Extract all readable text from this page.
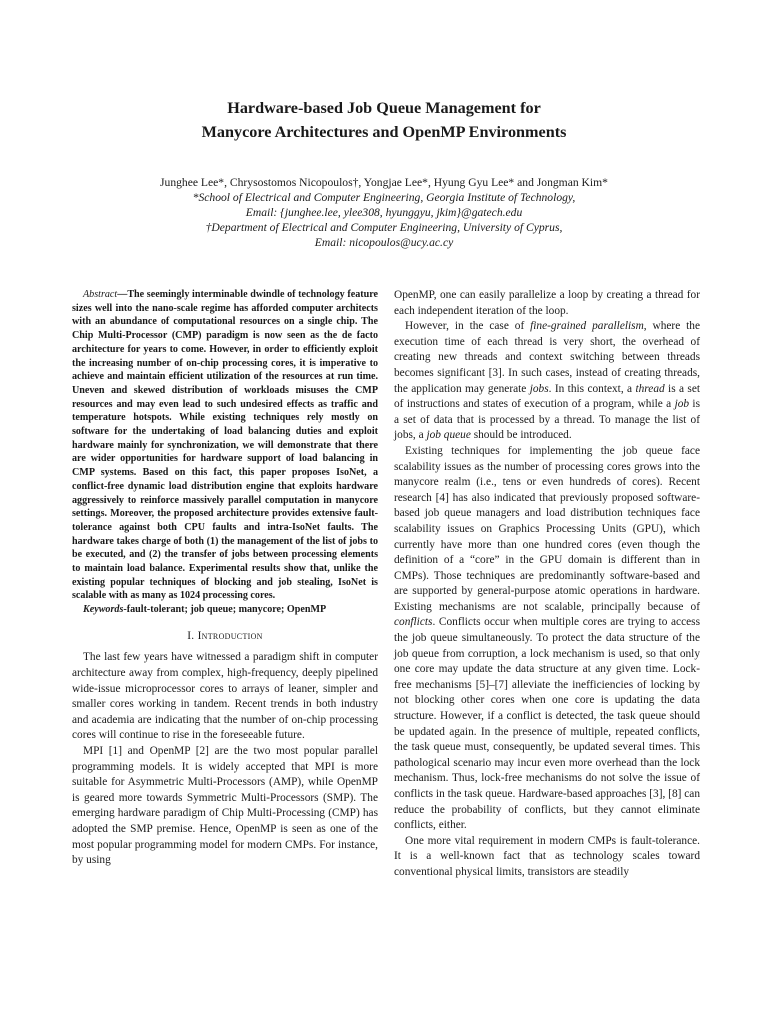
Hardware-based Job Queue Management for
Manycore Architectures and OpenMP Environments
Junghee Lee*, Chrysostomos Nicopoulos†, Yongjae Lee*, Hyung Gyu Lee* and Jongman Kim*
*School of Electrical and Computer Engineering, Georgia Institute of Technology,
Email: {junghee.lee, ylee308, hyunggyu, jkim}@gatech.edu
†Department of Electrical and Computer Engineering, University of Cyprus,
Email: nicopoulos@ucy.ac.cy

Abstract—The seemingly interminable dwindle of technology feature sizes well into the nano-scale regime has afforded computer architects with an abundance of computational resources on a single chip. The Chip Multi-Processor (CMP) paradigm is now seen as the de facto architecture for years to come. However, in order to efficiently exploit the increasing number of on-chip processing cores, it is imperative to achieve and maintain efficient utilization of the resources at run time. Uneven and skewed distribution of workloads misuses the CMP resources and may even lead to such undesired effects as traffic and temperature hotspots. While existing techniques rely mostly on software for the undertaking of load balancing duties and exploit hardware mainly for synchronization, we will demonstrate that there are wider opportunities for hardware support of load balancing in CMP systems. Based on this fact, this paper proposes IsoNet, a conflict-free dynamic load distribution engine that exploits hardware aggressively to reinforce massively parallel computation in manycore settings. Moreover, the proposed architecture provides extensive fault-tolerance against both CPU faults and intra-IsoNet faults. The hardware takes charge of both (1) the management of the list of jobs to be executed, and (2) the transfer of jobs between processing elements to maintain load balance. Experimental results show that, unlike the existing popular techniques of blocking and job stealing, IsoNet is scalable with as many as 1024 processing cores.

Keywords-fault-tolerant; job queue; manycore; OpenMP

I. Introduction

The last few years have witnessed a paradigm shift in computer architecture away from complex, high-frequency, deeply pipelined wide-issue microprocessor cores to arrays of leaner, simpler and smaller cores working in tandem. Recent trends in both industry and academia are indicating that the number of on-chip processing cores will continue to rise in the foreseeable future.

MPI [1] and OpenMP [2] are the two most popular parallel programming models. It is widely accepted that MPI is more suitable for Asymmetric Multi-Processors (AMP), while OpenMP is geared more towards Symmetric Multi-Processors (SMP). The emerging hardware paradigm of Chip Multi-Processing (CMP) has adopted the SMP premise. Hence, OpenMP is seen as one of the most popular programming model for modern CMPs. For instance, by using

OpenMP, one can easily parallelize a loop by creating a thread for each independent iteration of the loop.

However, in the case of fine-grained parallelism, where the execution time of each thread is very short, the overhead of creating new threads and context switching between threads becomes significant [3]. In such cases, instead of creating threads, the application may generate jobs. In this context, a thread is a set of instructions and states of execution of a program, while a job is a set of data that is processed by a thread. To manage the list of jobs, a job queue should be introduced.

Existing techniques for implementing the job queue face scalability issues as the number of processing cores grows into the manycore realm (i.e., tens or even hundreds of cores). Recent research [4] has also indicated that previously proposed software-based job queue managers and load distribution techniques face scalability issues on Graphics Processing Units (GPU), which currently have more than one hundred cores (even though the definition of a “core” in the GPU domain is different than in CMPs). Those techniques are predominantly software-based and are supported by general-purpose atomic operations in hardware. Existing mechanisms are not scalable, principally because of conflicts. Conflicts occur when multiple cores are trying to access the job queue simultaneously. To protect the data structure of the job queue from corruption, a lock mechanism is used, so that only one core may update the data structure at any given time. Lock-free mechanisms [5]–[7] alleviate the inefficiencies of locking by not blocking other cores when one core is updating the data structure. However, if a conflict is detected, the task queue should be updated again. In the presence of multiple, repeated conflicts, the task queue must, consequently, be updated several times. This pathological scenario may incur even more overhead than the lock mechanism. Thus, lock-free mechanisms do not solve the issue of conflicts in the task queue. Hardware-based approaches [3], [8] can reduce the probability of conflicts, but they cannot eliminate conflicts, either.

One more vital requirement in modern CMPs is fault-tolerance. It is a well-known fact that as technology scales toward conventional physical limits, transistors are steadily
